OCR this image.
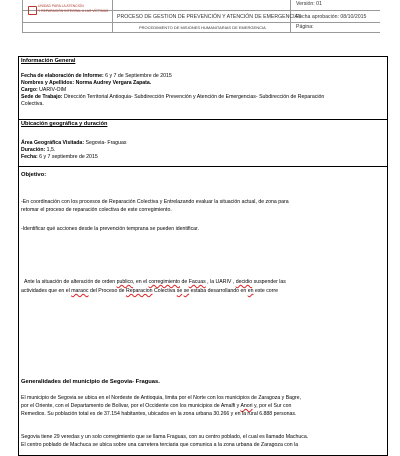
UNIDAD PARA LA ATENCIÓN
Y REPARACIÓN INTEGRAL A LAS VÍCTIMAS
Versión: 01
PROCESO DE GESTION DE PREVENCIÓN Y ATENCIÓN DE EMERGENCIAS
Fecha aprobación: 08/10/2015
PROCEDIMIENTO DE MISIONES HUMANITARIAS DE EMERGENCIA	Página:
Información General
Fecha de elaboración de Informe: 6 y 7 de Septiembre de 2015
Nombres y Apellidos: Norma Audrey Vergara Zapata.
Cargo: UARIV-OIM
Sede de Trabajo: Dirección Territorial Antioquia- Subdirección Prevención y Atención de Emergencias- Subdirección de Reparación
Colectiva.
Ubicación geográfica y duración
Área Geográfica Visitada: Segovia- Fraguas
Duración: 1,5.
Fecha: 6 y 7 septiembre de 2015
Objetivo:
-En coordinación con los procesos de Reparación Colectiva y Entrelazando evaluar la situación actual, de zona para
retomar el proceso de reparación colectiva de este corregimiento.
-Identificar qué acciones desde la prevención temprana se pueden identificar.
Ante la situación de alteración de orden publico, en el corregimiento de Facuas , la UARIV , decidio suspender las
actividades que en el maraoc del Proceso de Reparacion Colectiva se se estaba desarrollando en en este corre
Generalidades del municipio de Segovia- Fraguas.
El municipio de Segovia se ubica en el Nordeste de Antioquia, limita por el Norte con los municipios de Zaragoza y Bagre,
por el Oriente, con el Departamento de Bolívar, por el Occidente con los municipios de Amalfi y Anori y, por el Sur con
Remedios. Su población total es de 37.154 habitantes, ubicados en la zona urbana 30.266 y en la rural 6.888 personas.
Segovia tiene 29 veredas y un solo corregimiento que se llama Fraguas, con su centro poblado, el cual es llamado Machuca.
El centro poblado de Machuca se ubica sobre una carretera terciaria que comunica a la zona urbana de Zaragoza con la
